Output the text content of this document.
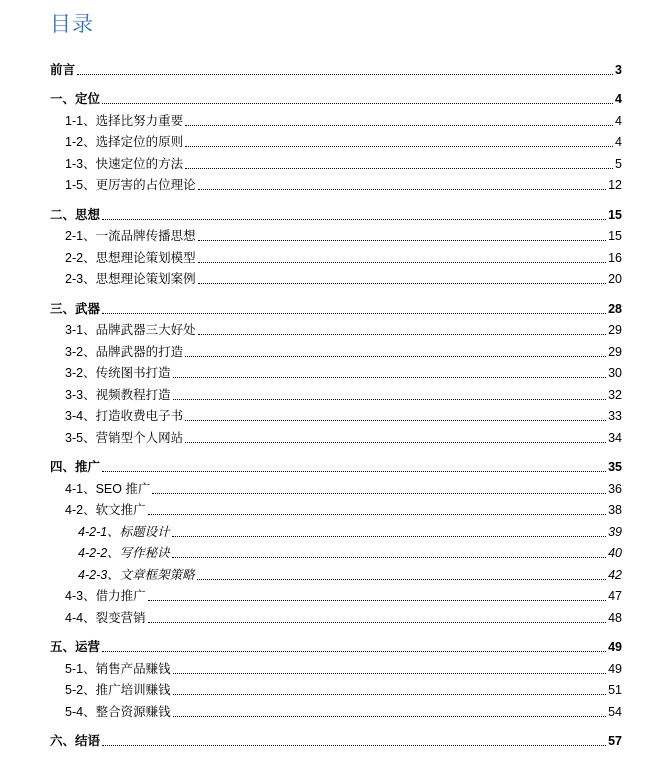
目录
前言	3
一、定位	4
1-1、选择比努力重要	4
1-2、选择定位的原则	4
1-3、快速定位的方法	5
1-5、更厉害的占位理论	12
二、思想	15
2-1、一流品牌传播思想	15
2-2、思想理论策划模型	16
2-3、思想理论策划案例	20
三、武器	28
3-1、品牌武器三大好处	29
3-2、品牌武器的打造	29
3-2、传统图书打造	30
3-3、视频教程打造	32
3-4、打造收费电子书	33
3-5、营销型个人网站	34
四、推广	35
4-1、SEO 推广	36
4-2、软文推广	38
4-2-1、标题设计	39
4-2-2、写作秘诀	40
4-2-3、文章框架策略	42
4-3、借力推广	47
4-4、裂变营销	48
五、运营	49
5-1、销售产品赚钱	49
5-2、推广培训赚钱	51
5-4、整合资源赚钱	54
六、结语	57
